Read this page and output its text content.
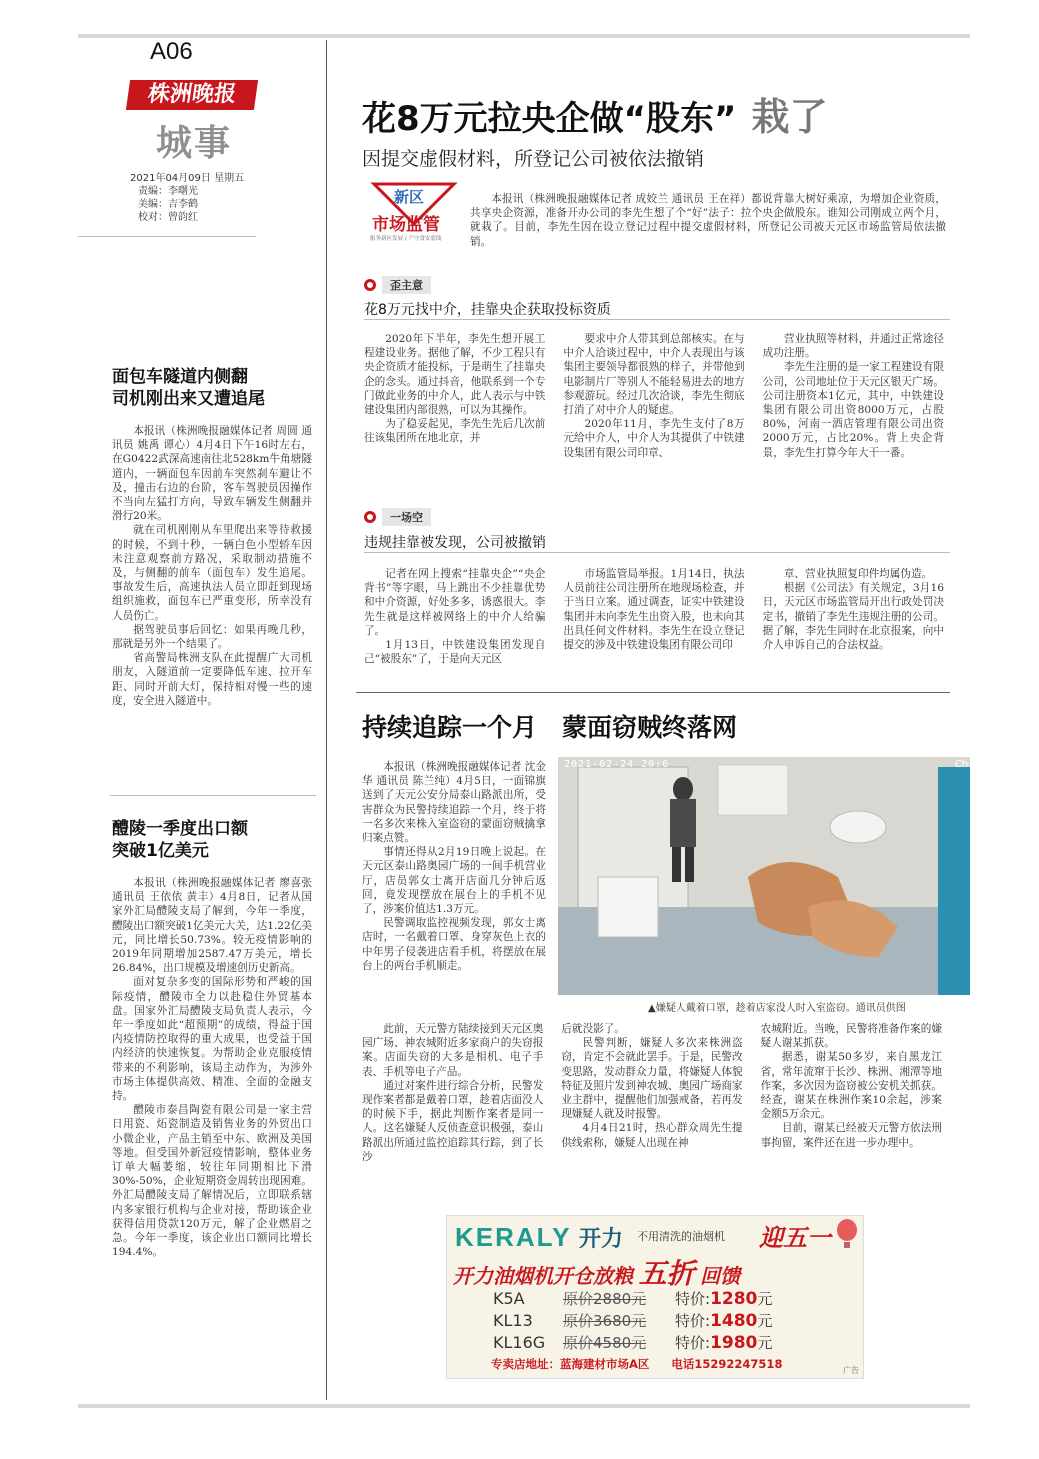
A06
株洲晚报
城事
2021年04月09日 星期五
责编：李曙光
美编：吉李鹤
校对：曾韵红
面包车隧道内侧翻
司机刚出来又遭追尾

本报讯（株洲晚报融媒体记者 周圆 通讯员 姚禹 谭心）4月4日下午16时左右，在G0422武深高速南往北528km牛角塘隧道内，一辆面包车因前车突然刹车避让不及，撞击右边的台阶，客车驾驶员因操作不当向左猛打方向，导致车辆发生侧翻并滑行20米。

就在司机刚刚从车里爬出来等待救援的时候，不到十秒，一辆白色小型轿车因未注意观察前方路况，采取制动措施不及，与侧翻的前车（面包车）发生追尾。事故发生后，高速执法人员立即赶到现场组织施救，面包车已严重变形，所幸没有人员伤亡。

据驾驶员事后回忆：如果再晚几秒，那就是另外一个结果了。

省高警局株洲支队在此提醒广大司机朋友，入隧道前一定要降低车速、拉开车距、同时开前大灯，保持相对慢一些的速度，安全进入隧道中。

醴陵一季度出口额
突破1亿美元

本报讯（株洲晚报融媒体记者 廖喜张 通讯员 王依依 黄丰）4月8日，记者从国家外汇局醴陵支局了解到，今年一季度，醴陵出口额突破1亿美元大关，达1.22亿美元，同比增长50.73%。较无疫情影响的2019年同期增加2587.47万美元，增长26.84%，出口规模及增速创历史新高。

面对复杂多变的国际形势和严峻的国际疫情，醴陵市全力以赴稳住外贸基本盘。国家外汇局醴陵支局负责人表示，今年一季度如此“超预期”的成绩，得益于国内疫情防控取得的重大成果，也受益于国内经济的快速恢复。为帮助企业克服疫情带来的不利影响，该局主动作为，为涉外市场主体提供高效、精准、全面的金融支持。

醴陵市泰昌陶瓷有限公司是一家主营日用瓷、炻瓷制造及销售业务的外贸出口小微企业，产品主销至中东、欧洲及美国等地。但受国外新冠疫情影响，整体业务订单大幅萎缩，较往年同期相比下滑30%-50%，企业短期资金周转出现困难。外汇局醴陵支局了解情况后，立即联系辖内多家银行机构与企业对接，帮助该企业获得信用贷款120万元，解了企业燃眉之急。今年一季度，该企业出口额同比增长194.4%。

花8万元拉央企做“股东” 栽了
因提交虚假材料，所登记公司被依法撤销
新区
市场监管
服务新区发展 / 产守食安底线

本报讯（株洲晚报融媒体记者 成姣兰 通讯员 王在祥）都说背靠大树好乘凉，为增加企业资质，共享央企资源，准备开办公司的李先生想了个“好”法子：拉个央企做股东。谁知公司刚成立两个月，就栽了。目前，李先生因在设立登记过程中提交虚假材料，所登记公司被天元区市场监管局依法撤销。

歪主意
花8万元找中介，挂靠央企获取投标资质

2020年下半年，李先生想开展工程建设业务。据他了解，不少工程只有央企资质才能投标，于是萌生了挂靠央企的念头。通过抖音，他联系到一个专门做此业务的中介人，此人表示与中铁建设集团内部很熟，可以为其操作。

为了稳妥起见，李先生先后几次前往该集团所在地北京，并

要求中介人带其到总部核实。在与中介人洽谈过程中，中介人表现出与该集团主要领导都很熟的样子，并带他到电影制片厂等别人不能轻易进去的地方参观游玩。经过几次洽谈，李先生彻底打消了对中介人的疑虑。

2020年11月，李先生支付了8万元给中介人，中介人为其提供了中铁建设集团有限公司印章、

营业执照等材料，并通过正常途径成功注册。

李先生注册的是一家工程建设有限公司，公司地址位于天元区银天广场。公司注册资本1亿元，其中，中铁建设集团有限公司出资8000万元，占股80%，河南一酒店管理有限公司出资2000万元，占比20%。背上央企背景，李先生打算今年大干一番。

一场空
违规挂靠被发现，公司被撤销

记者在网上搜索“挂靠央企”“央企背书”等字眼，马上跳出不少挂靠优势和中介资源，好处多多，诱惑很大。李先生就是这样被网络上的中介人给骗了。

1月13日，中铁建设集团发现自己“被股东”了，于是向天元区

市场监管局举报。1月14日，执法人员前往公司注册所在地现场检查，并于当日立案。通过调查，证实中铁建设集团并未向李先生出资入股，也未向其出具任何文件材料。李先生在设立登记提交的涉及中铁建设集团有限公司印

章、营业执照复印件均属伪造。

根据《公司法》有关规定，3月16日，天元区市场监管局开出行政处罚决定书，撤销了李先生违规注册的公司。据了解，李先生同时在北京报案，向中介人申诉自己的合法权益。

持续追踪一个月　蒙面窃贼终落网

本报讯（株洲晚报融媒体记者 沈金华 通讯员 陈兰纯）4月5日，一面锦旗送到了天元公安分局泰山路派出所，受害群众为民警持续追踪一个月，终于将一名多次来株入室盗窃的蒙面窃贼擒拿归案点赞。

事情还得从2月19日晚上说起。在天元区泰山路奥园广场的一间手机营业厅，店员郭女士离开店面几分钟后返回，竟发现摆放在展台上的手机不见了，涉案价值达1.3万元。

民警调取监控视频发现，郭女士离店时，一名戴着口罩、身穿灰色上衣的中年男子侵袭进店看手机，将摆放在展台上的两台手机顺走。

2021-02-24 20:6	Ch
▲嫌疑人戴着口罩，趁着店家没人时入室盗窃。通讯员供图

此前，天元警方陆续接到天元区奥园广场、神农城附近多家商户的失窃报案。店面失窃的大多是相机、电子手表、手机等电子产品。

通过对案件进行综合分析，民警发现作案者都是戴着口罩，趁着店面没人的时候下手，据此判断作案者是同一人。这名嫌疑人反侦查意识极强，泰山路派出所通过监控追踪其行踪，到了长沙

后就没影了。

民警判断，嫌疑人多次来株洲盗窃，肯定不会就此罢手。于是，民警改变思路，发动群众力量，将嫌疑人体貌特征及照片发到神农城、奥园广场商家业主群中，提醒他们加强戒备，若再发现嫌疑人就及时报警。

4月4日21时，热心群众周先生提供线索称，嫌疑人出现在神

农城附近。当晚，民警将准备作案的嫌疑人谢某抓获。

据悉，谢某50多岁，来自黑龙江省，常年流窜于长沙、株洲、湘潭等地作案，多次因为盗窃被公安机关抓获。经查，谢某在株洲作案10余起，涉案金额5万余元。

目前，谢某已经被天元警方依法刑事拘留，案件还在进一步办理中。

KERALY 开力 不用清洗的油烟机 迎五一
开力油烟机开仓放粮 五折 回馈
K5A	原价2880元	特价: 1280 元
KL13	原价3680元	特价: 1480 元
KL16G	原价4580元	特价: 1980 元
专卖店地址：蓝海建材市场A区 电话15292247518	广告
